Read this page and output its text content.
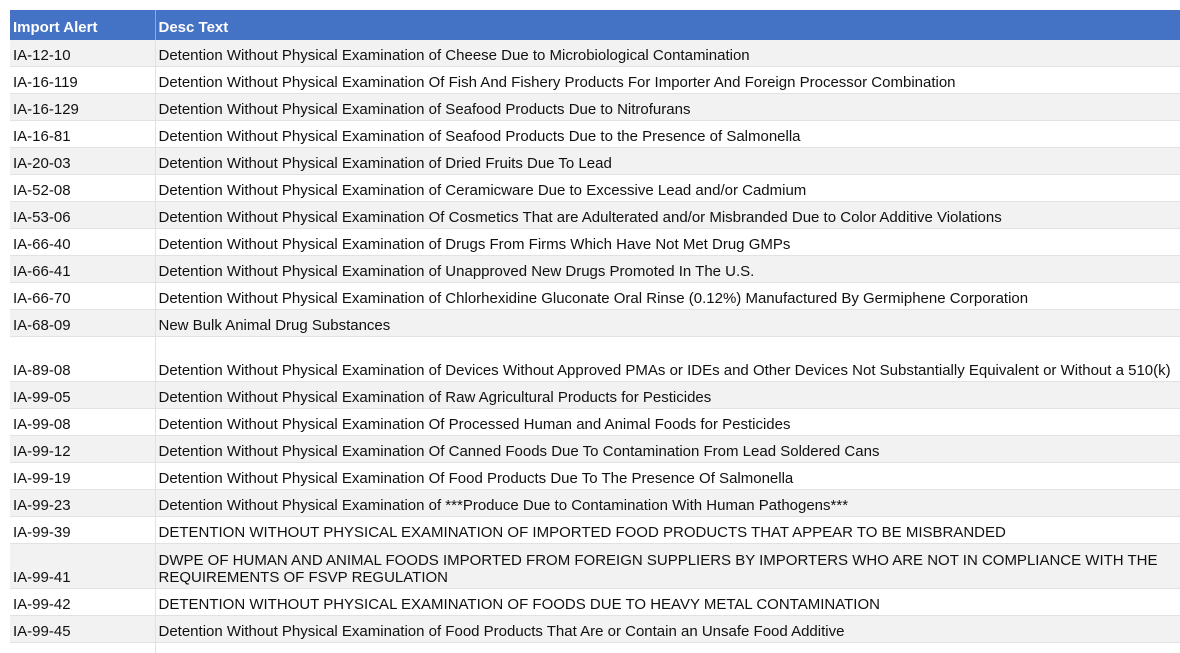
Import Alert	Desc Text
IA-12-10	Detention Without Physical Examination of Cheese Due to Microbiological Contamination
IA-16-119	Detention Without Physical Examination Of Fish And Fishery Products For Importer And Foreign Processor Combination
IA-16-129	Detention Without Physical Examination of Seafood Products Due to Nitrofurans
IA-16-81	Detention Without Physical Examination of Seafood Products Due to the Presence of Salmonella
IA-20-03	Detention Without Physical Examination of Dried Fruits Due To Lead
IA-52-08	Detention Without Physical Examination of Ceramicware Due to Excessive Lead and/or Cadmium
IA-53-06	Detention Without Physical Examination Of Cosmetics That are Adulterated and/or Misbranded Due to Color Additive Violations
IA-66-40	Detention Without Physical Examination of Drugs From Firms Which Have Not Met Drug GMPs
IA-66-41	Detention Without Physical Examination of Unapproved New Drugs Promoted In The U.S.
IA-66-70	Detention Without Physical Examination of Chlorhexidine Gluconate Oral Rinse (0.12%) Manufactured By Germiphene Corporation
IA-68-09	New Bulk Animal Drug Substances
IA-89-08	Detention Without Physical Examination of Devices Without Approved PMAs or IDEs and Other Devices Not Substantially Equivalent or Without a 510(k)
IA-99-05	Detention Without Physical Examination of Raw Agricultural Products for Pesticides
IA-99-08	Detention Without Physical Examination Of Processed Human and Animal Foods for Pesticides
IA-99-12	Detention Without Physical Examination Of Canned Foods Due To Contamination From Lead Soldered Cans
IA-99-19	Detention Without Physical Examination Of Food Products Due To The Presence Of Salmonella
IA-99-23	Detention Without Physical Examination of ***Produce Due to Contamination With Human Pathogens***
IA-99-39	DETENTION WITHOUT PHYSICAL EXAMINATION OF IMPORTED FOOD PRODUCTS THAT APPEAR TO BE MISBRANDED
IA-99-41	DWPE OF HUMAN AND ANIMAL FOODS IMPORTED FROM FOREIGN SUPPLIERS BY IMPORTERS WHO ARE NOT IN COMPLIANCE WITH THE REQUIREMENTS OF FSVP REGULATION
IA-99-42	DETENTION WITHOUT PHYSICAL EXAMINATION OF FOODS DUE TO HEAVY METAL CONTAMINATION
IA-99-45	Detention Without Physical Examination of Food Products That Are or Contain an Unsafe Food Additive
